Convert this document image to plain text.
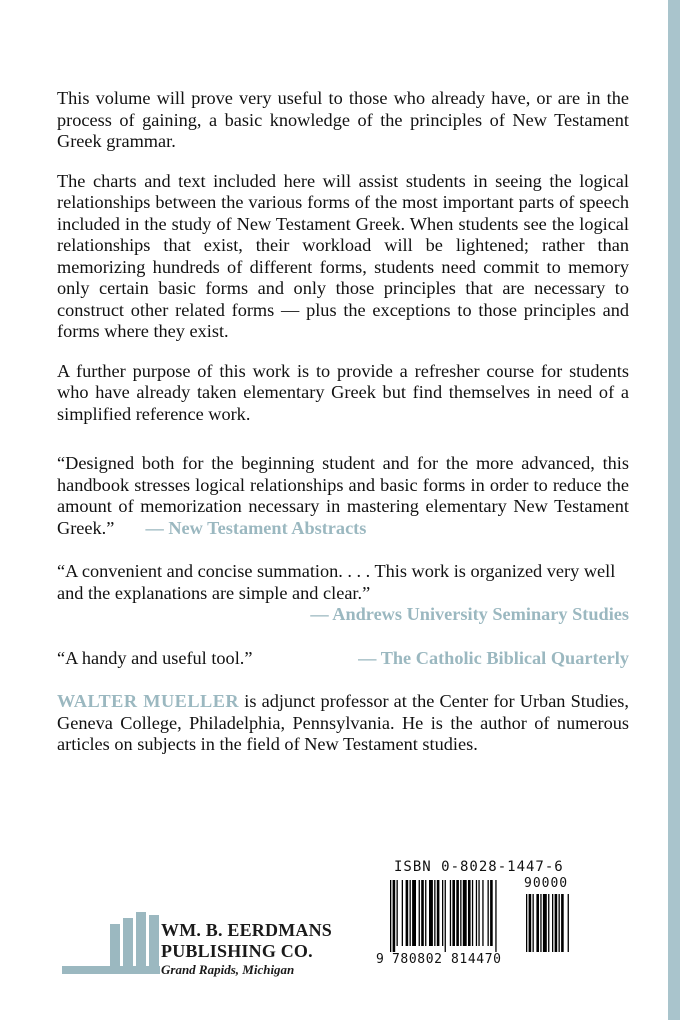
This volume will prove very useful to those who already have, or are in the process of gaining, a basic knowledge of the principles of New Testament Greek grammar.

The charts and text included here will assist students in seeing the logical relationships between the various forms of the most important parts of speech included in the study of New Testament Greek. When students see the logical relationships that exist, their workload will be lightened; rather than memorizing hundreds of different forms, students need commit to memory only certain basic forms and only those principles that are necessary to construct other related forms — plus the exceptions to those principles and forms where they exist.

A further purpose of this work is to provide a refresher course for students who have already taken elementary Greek but find themselves in need of a simplified reference work.

“Designed both for the beginning student and for the more advanced, this handbook stresses logical relationships and basic forms in order to reduce the amount of memorization necessary in mastering elementary New Testament Greek.” — New Testament Abstracts

“A convenient and concise summation. . . . This work is organized very well and the explanations are simple and clear.”

— Andrews University Seminary Studies

“A handy and useful tool.”	— The Catholic Biblical Quarterly

WALTER MUELLER is adjunct professor at the Center for Urban Studies, Geneva College, Philadelphia, Pennsylvania. He is the author of numerous articles on subjects in the field of New Testament studies.

ISBN 0-8028-1447-6
9 780802 814470
90000
WM. B. EERDMANS
PUBLISHING CO.
Grand Rapids, Michigan
